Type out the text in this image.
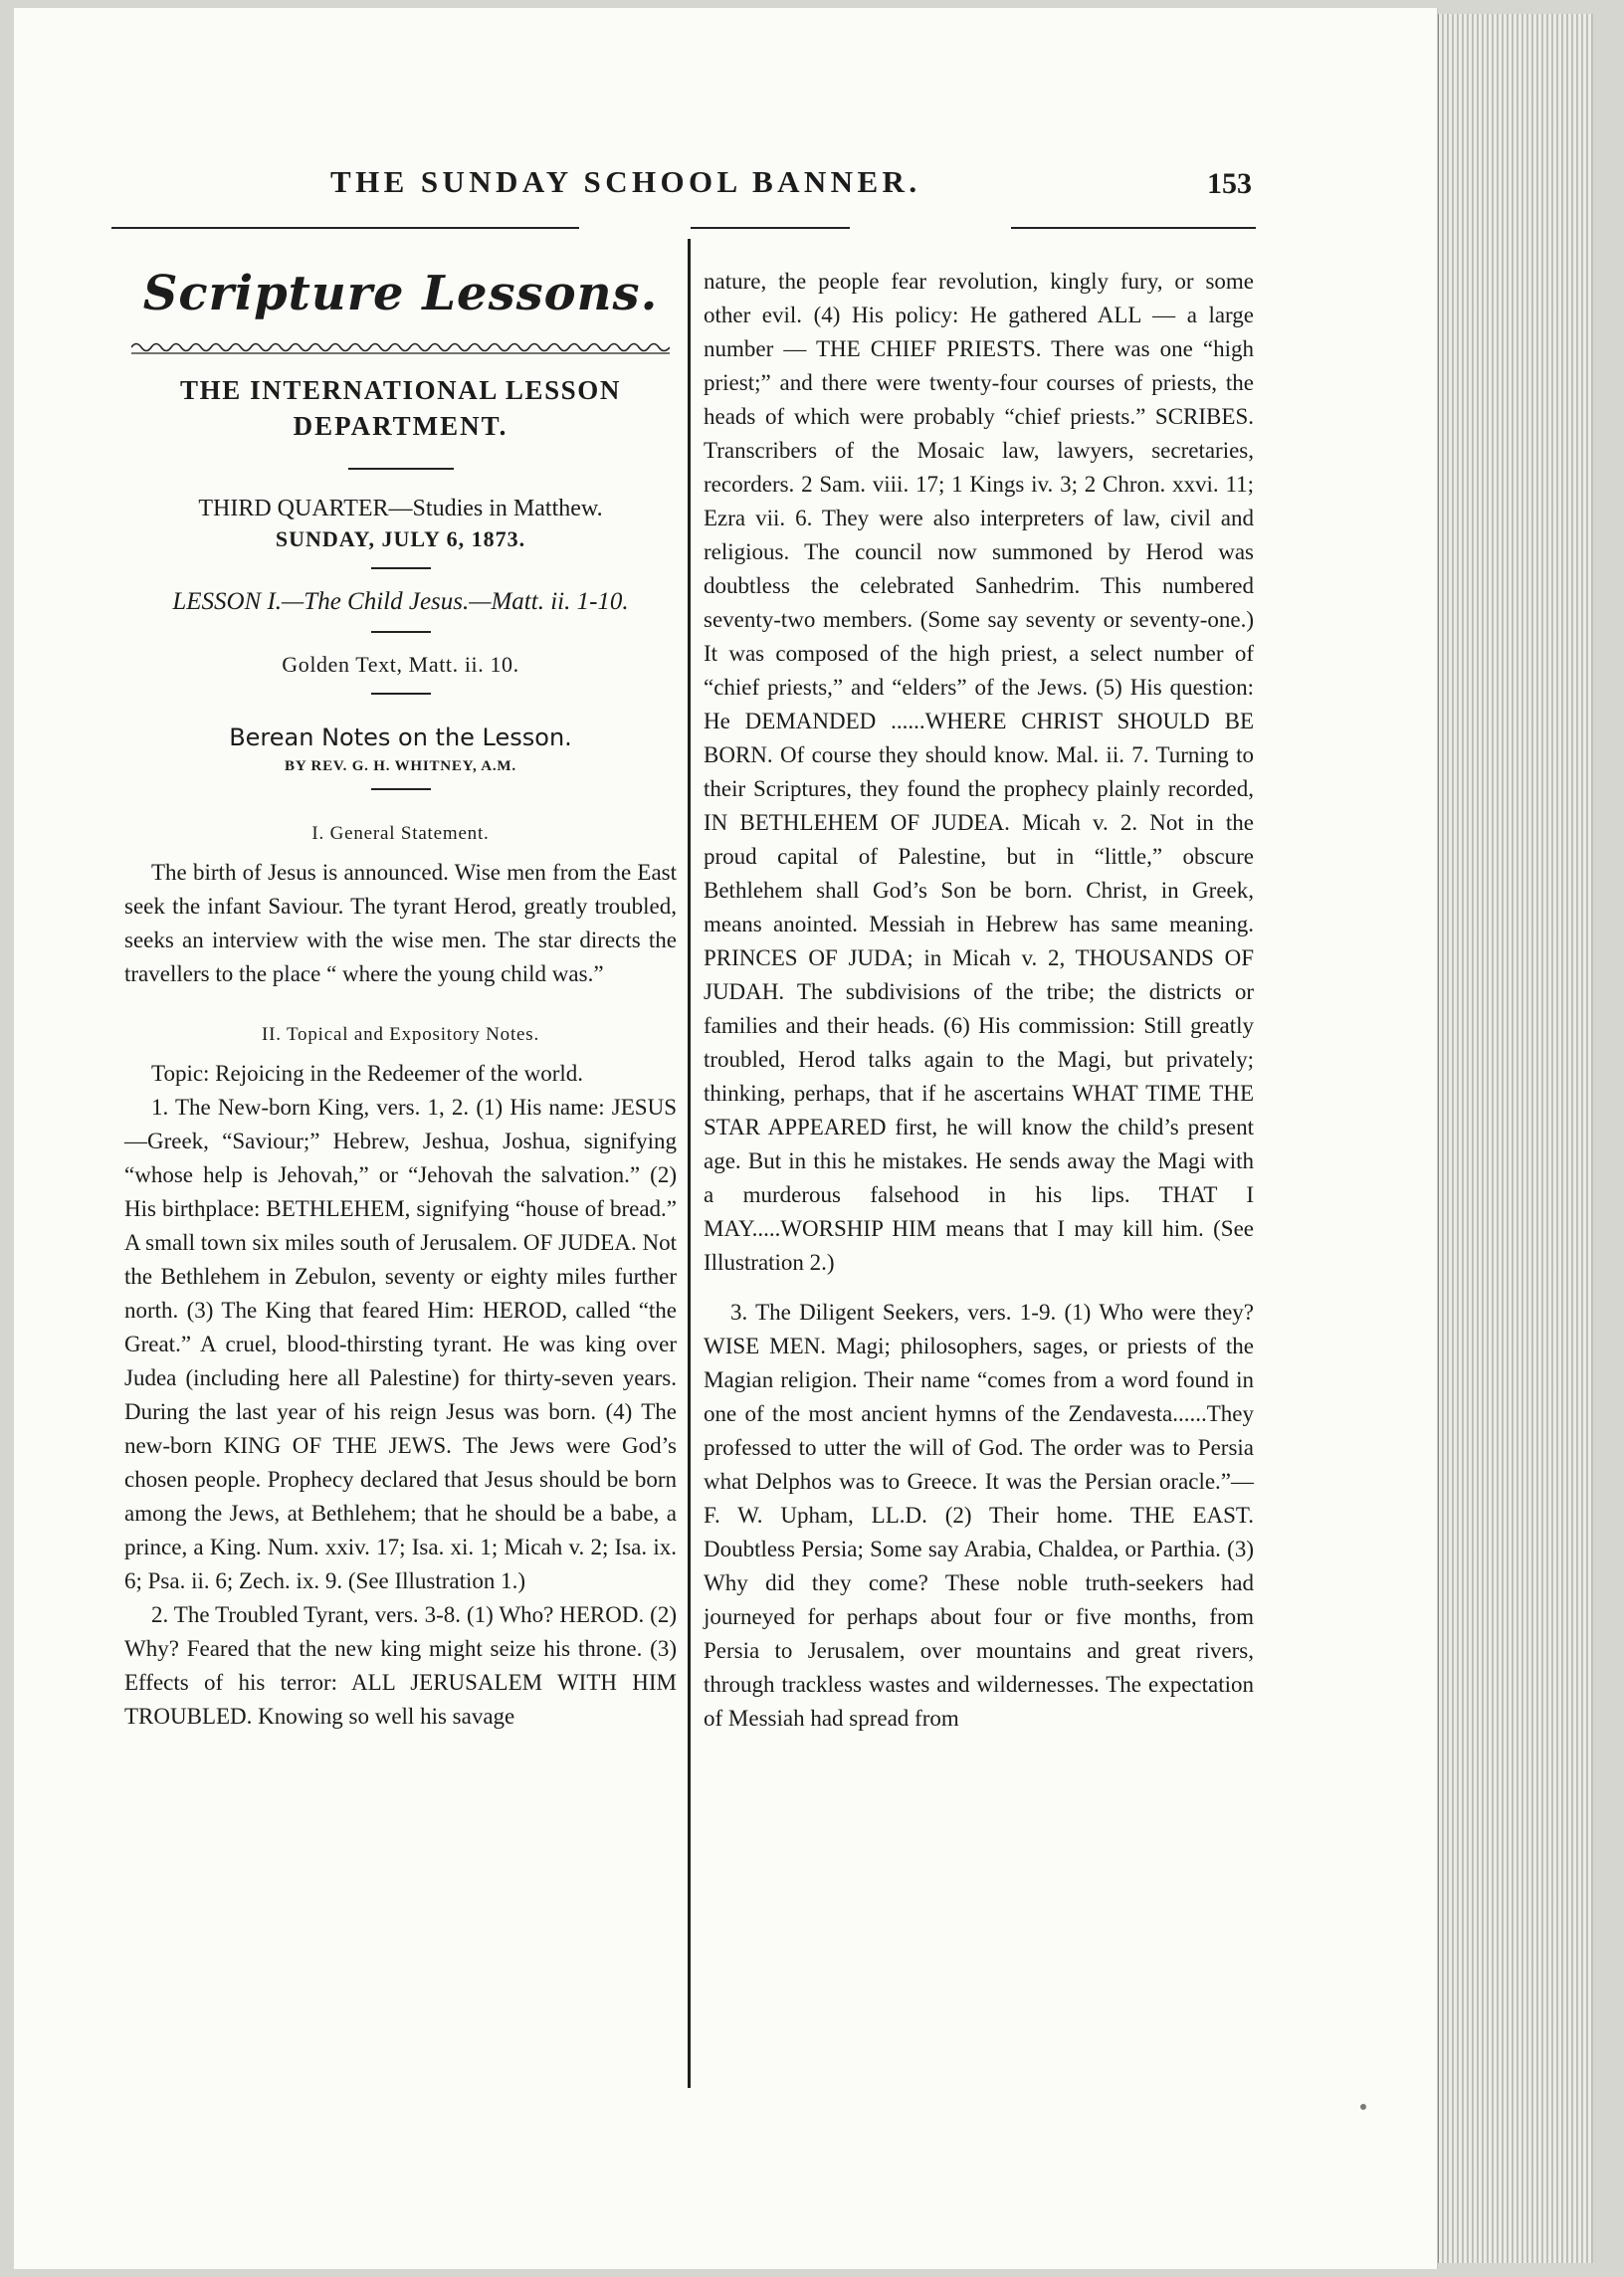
THE SUNDAY SCHOOL BANNER.	153
Scripture Lessons.
THE INTERNATIONAL LESSON
DEPARTMENT.
THIRD QUARTER—Studies in Matthew.
SUNDAY, JULY 6, 1873.
LESSON I.—The Child Jesus.—Matt. ii. 1-10.
Golden Text, Matt. ii. 10.
Berean Notes on the Lesson.
BY REV. G. H. WHITNEY, A.M.
I. General Statement.

The birth of Jesus is announced. Wise men from the East seek the infant Saviour. The tyrant Herod, greatly troubled, seeks an interview with the wise men. The star directs the travellers to the place “ where the young child was.”

II. Topical and Expository Notes.

Topic: Rejoicing in the Redeemer of the world.

1. The New-born King, vers. 1, 2. (1) His name: JESUS—Greek, “Saviour;” Hebrew, Jeshua, Joshua, signifying “whose help is Jehovah,” or “Jehovah the salvation.” (2) His birthplace: BETHLEHEM, signifying “house of bread.” A small town six miles south of Jerusalem. OF JUDEA. Not the Bethlehem in Zebulon, seventy or eighty miles further north. (3) The King that feared Him: HEROD, called “the Great.” A cruel, blood-thirsting tyrant. He was king over Judea (including here all Palestine) for thirty-seven years. During the last year of his reign Jesus was born. (4) The new-born KING OF THE JEWS. The Jews were God’s chosen people. Prophecy declared that Jesus should be born among the Jews, at Bethlehem; that he should be a babe, a prince, a King. Num. xxiv. 17; Isa. xi. 1; Micah v. 2; Isa. ix. 6; Psa. ii. 6; Zech. ix. 9. (See Illustration 1.)

2. The Troubled Tyrant, vers. 3-8. (1) Who? HEROD. (2) Why? Feared that the new king might seize his throne. (3) Effects of his terror: ALL JERUSALEM WITH HIM TROUBLED. Knowing so well his savage

nature, the people fear revolution, kingly fury, or some other evil. (4) His policy: He gathered ALL — a large number — THE CHIEF PRIESTS. There was one “high priest;” and there were twenty-four courses of priests, the heads of which were probably “chief priests.” SCRIBES. Transcribers of the Mosaic law, lawyers, secretaries, recorders. 2 Sam. viii. 17; 1 Kings iv. 3; 2 Chron. xxvi. 11; Ezra vii. 6. They were also interpreters of law, civil and religious. The council now summoned by Herod was doubtless the celebrated Sanhedrim. This numbered seventy-two members. (Some say seventy or seventy-one.) It was composed of the high priest, a select number of “chief priests,” and “elders” of the Jews. (5) His question: He DEMANDED ......WHERE CHRIST SHOULD BE BORN. Of course they should know. Mal. ii. 7. Turning to their Scriptures, they found the prophecy plainly recorded, IN BETHLEHEM OF JUDEA. Micah v. 2. Not in the proud capital of Palestine, but in “little,” obscure Bethlehem shall God’s Son be born. Christ, in Greek, means anointed. Messiah in Hebrew has same meaning. PRINCES OF JUDA; in Micah v. 2, THOUSANDS OF JUDAH. The subdivisions of the tribe; the districts or families and their heads. (6) His commission: Still greatly troubled, Herod talks again to the Magi, but privately; thinking, perhaps, that if he ascertains WHAT TIME THE STAR APPEARED first, he will know the child’s present age. But in this he mistakes. He sends away the Magi with a murderous falsehood in his lips. THAT I MAY.....WORSHIP HIM means that I may kill him. (See Illustration 2.)

3. The Diligent Seekers, vers. 1-9. (1) Who were they? WISE MEN. Magi; philosophers, sages, or priests of the Magian religion. Their name “comes from a word found in one of the most ancient hymns of the Zendavesta......They professed to utter the will of God. The order was to Persia what Delphos was to Greece. It was the Persian oracle.”—F. W. Upham, LL.D. (2) Their home. THE EAST. Doubtless Persia; Some say Arabia, Chaldea, or Parthia. (3) Why did they come? These noble truth-seekers had journeyed for perhaps about four or five months, from Persia to Jerusalem, over mountains and great rivers, through trackless wastes and wildernesses. The expectation of Messiah had spread from
